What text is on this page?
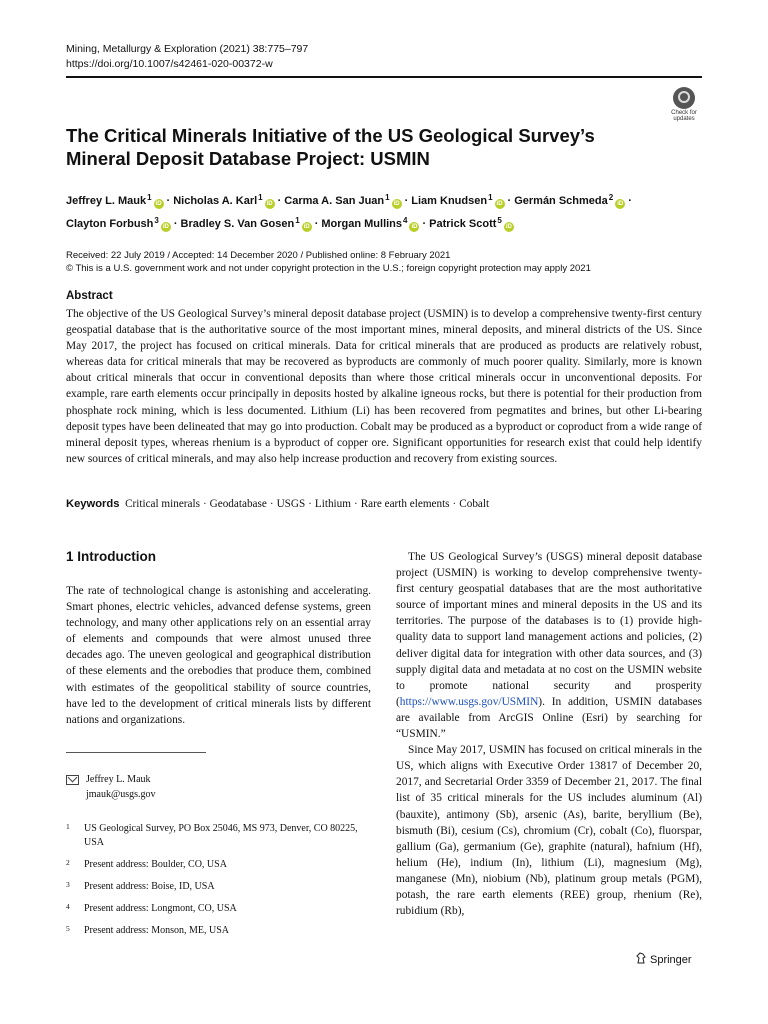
Mining, Metallurgy & Exploration (2021) 38:775–797
https://doi.org/10.1007/s42461-020-00372-w
Check for
updates
The Critical Minerals Initiative of the US Geological Survey’s Mineral Deposit Database Project: USMIN
Jeffrey L. Mauk$^1$iD · Nicholas A. Karl$^1$iD · Carma A. San Juan$^1$iD · Liam Knudsen$^1$iD · Germán Schmeda$^2$iD ·
Clayton Forbush$^3$iD · Bradley S. Van Gosen$^1$iD · Morgan Mullins$^4$iD · Patrick Scott$^5$iD
Received: 22 July 2019 / Accepted: 14 December 2020 / Published online: 8 February 2021
© This is a U.S. government work and not under copyright protection in the U.S.; foreign copyright protection may apply 2021
Abstract
The objective of the US Geological Survey’s mineral deposit database project (USMIN) is to develop a comprehensive twenty-first century geospatial database that is the authoritative source of the most important mines, mineral deposits, and mineral districts of the US. Since May 2017, the project has focused on critical minerals. Data for critical minerals that are produced as products are relatively robust, whereas data for critical minerals that may be recovered as byproducts are commonly of much poorer quality. Similarly, more is known about critical minerals that occur in conventional deposits than where those critical minerals occur in unconventional deposits. For example, rare earth elements occur principally in deposits hosted by alkaline igneous rocks, but there is potential for their production from phosphate rock mining, which is less documented. Lithium (Li) has been recovered from pegmatites and brines, but other Li-bearing deposit types have been delineated that may go into production. Cobalt may be produced as a byproduct or coproduct from a wide range of mineral deposit types, whereas rhenium is a byproduct of copper ore. Significant opportunities for research exist that could help identify new sources of critical minerals, and may also help increase production and recovery from existing sources.
Keywords Critical minerals · Geodatabase · USGS · Lithium · Rare earth elements · Cobalt
1 Introduction

The rate of technological change is astonishing and accelerating. Smart phones, electric vehicles, advanced defense systems, green technology, and many other applications rely on an essential array of elements and compounds that were almost unused three decades ago. The uneven geological and geographical distribution of these elements and the orebodies that produce them, combined with estimates of the geopolitical stability of source countries, have led to the development of critical minerals lists by different nations and organizations.

The US Geological Survey’s (USGS) mineral deposit database project (USMIN) is working to develop comprehensive twenty-first century geospatial databases that are the most authoritative source of important mines and mineral deposits in the US and its territories. The purpose of the databases is to (1) provide high-quality data to support land management actions and policies, (2) deliver digital data for integration with other data sources, and (3) supply digital data and metadata at no cost on the USMIN website to promote national security and prosperity (https://www.usgs.gov/USMIN). In addition, USMIN databases are available from ArcGIS Online (Esri) by searching for “USMIN.”

Since May 2017, USMIN has focused on critical minerals in the US, which aligns with Executive Order 13817 of December 20, 2017, and Secretarial Order 3359 of December 21, 2017. The final list of 35 critical minerals for the US includes aluminum (Al) (bauxite), antimony (Sb), arsenic (As), barite, beryllium (Be), bismuth (Bi), cesium (Cs), chromium (Cr), cobalt (Co), fluorspar, gallium (Ga), germanium (Ge), graphite (natural), hafnium (Hf), helium (He), indium (In), lithium (Li), magnesium (Mg), manganese (Mn), niobium (Nb), platinum group metals (PGM), potash, the rare earth elements (REE) group, rhenium (Re), rubidium (Rb),

Jeffrey L. Mauk
jmauk@usgs.gov
1 US Geological Survey, PO Box 25046, MS 973, Denver, CO 80225, USA
2 Present address: Boulder, CO, USA
3 Present address: Boise, ID, USA
4 Present address: Longmont, CO, USA
5 Present address: Monson, ME, USA
Springer
